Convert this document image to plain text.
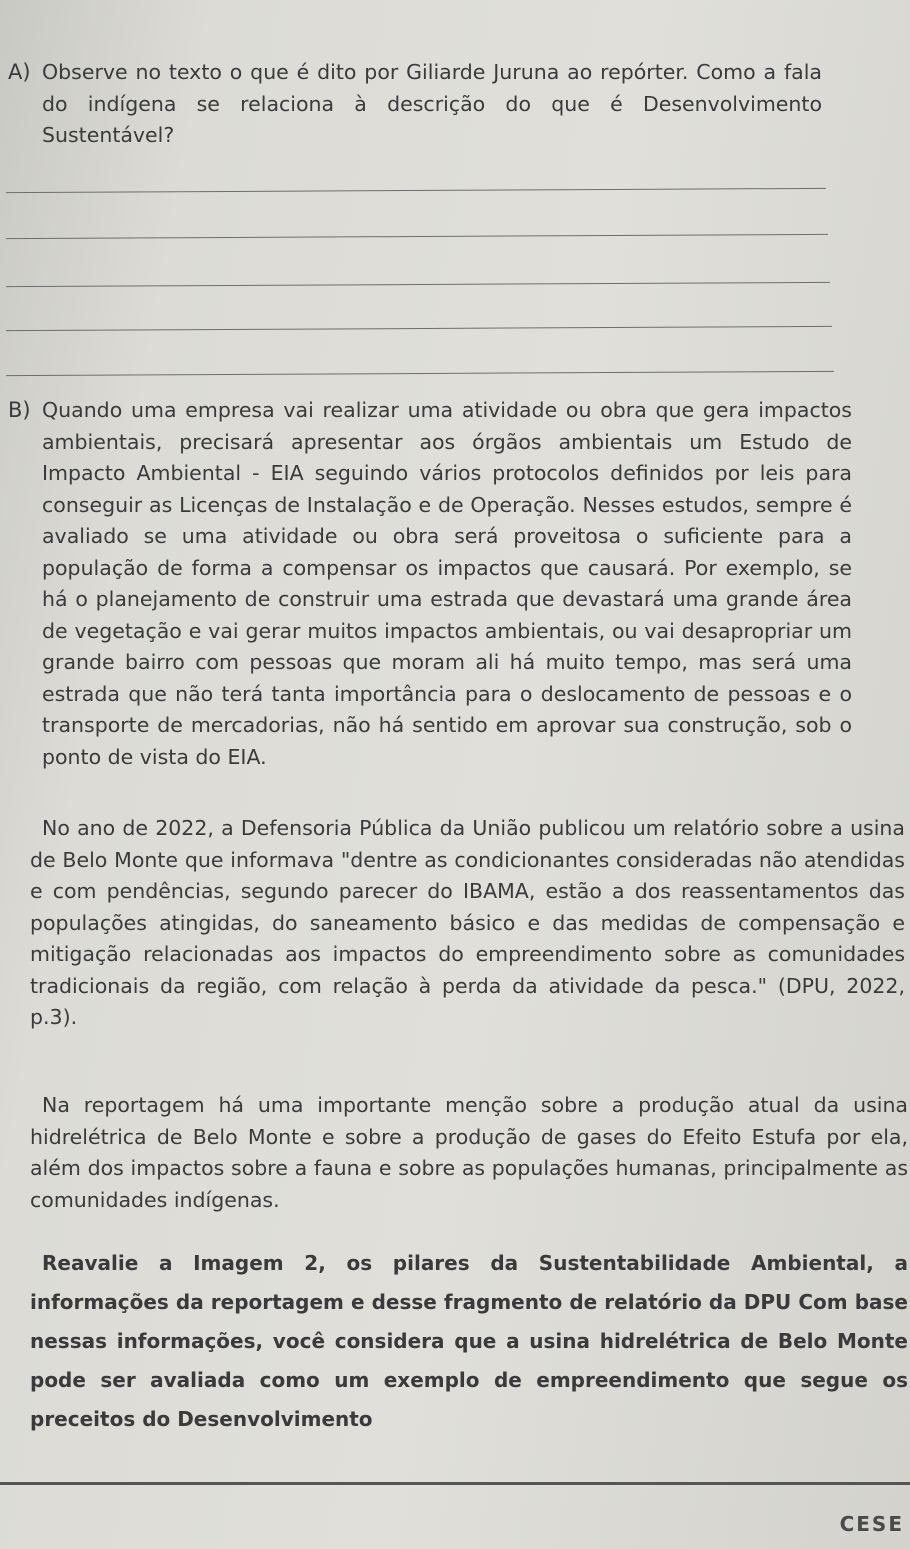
A) Observe no texto o que é dito por Giliarde Juruna ao repórter. Como a fala do indígena se relaciona à descrição do que é Desenvolvimento Sustentável?

B) Quando uma empresa vai realizar uma atividade ou obra que gera impactos ambientais, precisará apresentar aos órgãos ambientais um Estudo de Impacto Ambiental - EIA seguindo vários protocolos definidos por leis para conseguir as Licenças de Instalação e de Operação. Nesses estudos, sempre é avaliado se uma atividade ou obra será proveitosa o suficiente para a população de forma a compensar os impactos que causará. Por exemplo, se há o planejamento de construir uma estrada que devastará uma grande área de vegetação e vai gerar muitos impactos ambientais, ou vai desapropriar um grande bairro com pessoas que moram ali há muito tempo, mas será uma estrada que não terá tanta importância para o deslocamento de pessoas e o transporte de mercadorias, não há sentido em aprovar sua construção, sob o ponto de vista do EIA.

No ano de 2022, a Defensoria Pública da União publicou um relatório sobre a usina de Belo Monte que informava "dentre as condicionantes consideradas não atendidas e com pendências, segundo parecer do IBAMA, estão a dos reassentamentos das populações atingidas, do saneamento básico e das medidas de compensação e mitigação relacionadas aos impactos do empreendimento sobre as comunidades tradicionais da região, com relação à perda da atividade da pesca." (DPU, 2022, p.3).

Na reportagem há uma importante menção sobre a produção atual da usina hidrelétrica de Belo Monte e sobre a produção de gases do Efeito Estufa por ela, além dos impactos sobre a fauna e sobre as populações humanas, principalmente as comunidades indígenas.

Reavalie a Imagem 2, os pilares da Sustentabilidade Ambiental, a informações da reportagem e desse fragmento de relatório da DPU Com base nessas informações, você considera que a usina hidrelétrica de Belo Monte pode ser avaliada como um exemplo de empreendimento que segue os preceitos do Desenvolvimento

CESE
